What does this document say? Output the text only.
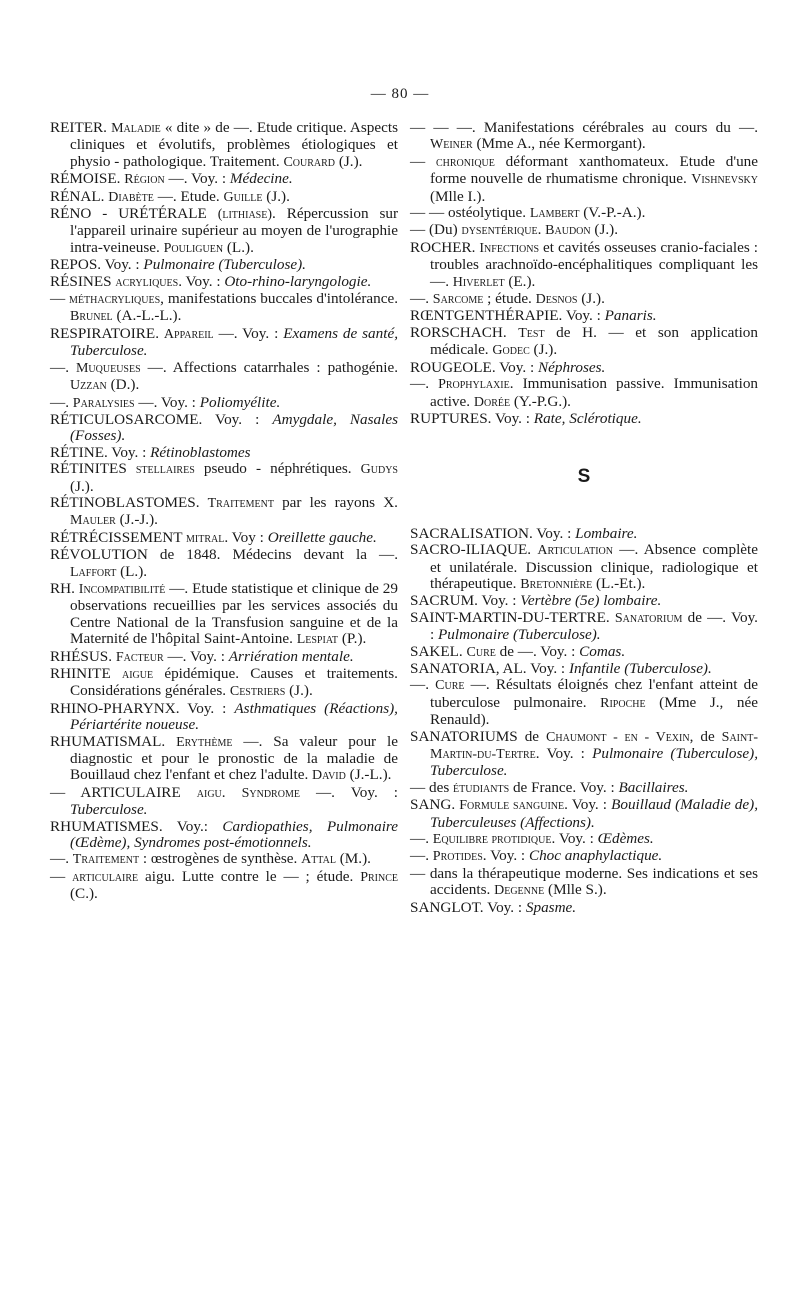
— 80 —

REITER. Maladie « dite » de —. Etude critique. Aspects cliniques et évolutifs, problèmes étiologiques et physio - pathologique. Traitement. Courard (J.).

RÉMOISE. Région —. Voy. : Médecine.

RÉNAL. Diabète —. Etude. Guille (J.).

RÉNO - URÉTÉRALE (lithiase). Répercussion sur l'appareil urinaire supérieur au moyen de l'urographie intra-veineuse. Pouliguen (L.).

REPOS. Voy. : Pulmonaire (Tuberculose).

RÉSINES acryliques. Voy. : Oto-rhino-laryngologie.

— méthacryliques, manifestations buccales d'intolérance. Brunel (A.-L.-L.).

RESPIRATOIRE. Appareil —. Voy. : Examens de santé, Tuberculose.

—. Muqueuses —. Affections catarrhales : pathogénie. Uzzan (D.).

—. Paralysies —. Voy. : Poliomyélite.

RÉTICULOSARCOME. Voy. : Amygdale, Nasales (Fosses).

RÉTINE. Voy. : Rétinoblastomes

RÉTINITES stellaires pseudo - néphrétiques. Gudys (J.).

RÉTINOBLASTOMES. Traitement par les rayons X. Mauler (J.-J.).

RÉTRÉCISSEMENT mitral. Voy : Oreillette gauche.

RÉVOLUTION de 1848. Médecins devant la —. Laffort (L.).

RH. Incompatibilité —. Etude statistique et clinique de 29 observations recueillies par les services associés du Centre National de la Transfusion sanguine et de la Maternité de l'hôpital Saint-Antoine. Lespiat (P.).

RHÉSUS. Facteur —. Voy. : Arriération mentale.

RHINITE aigue épidémique. Causes et traitements. Considérations générales. Cestriers (J.).

RHINO-PHARYNX. Voy. : Asthmatiques (Réactions), Périartérite noueuse.

RHUMATISMAL. Erythème —. Sa valeur pour le diagnostic et pour le pronostic de la maladie de Bouillaud chez l'enfant et chez l'adulte. David (J.-L.).

— ARTICULAIRE aigu. Syndrome —. Voy. : Tuberculose.

RHUMATISMES. Voy.: Cardiopathies, Pulmonaire (Œdème), Syndromes post-émotionnels.

—. Traitement : œstrogènes de synthèse. Attal (M.).

— articulaire aigu. Lutte contre le — ; étude. Prince (C.).

— — —. Manifestations cérébrales au cours du —. Weiner (Mme A., née Kermorgant).

— chronique déformant xanthomateux. Etude d'une forme nouvelle de rhumatisme chronique. Vishnevsky (Mlle I.).

— — ostéolytique. Lambert (V.-P.-A.).

— (Du) dysentérique. Baudon (J.).

ROCHER. Infections et cavités osseuses cranio-faciales : troubles arachnoïdo-encéphalitiques compliquant les —. Hiverlet (E.).

—. Sarcome ; étude. Desnos (J.).

RŒNTGENTHÉRAPIE. Voy. : Panaris.

RORSCHACH. Test de H. — et son application médicale. Godec (J.).

ROUGEOLE. Voy. : Néphroses.

—. Prophylaxie. Immunisation passive. Immunisation active. Dorée (Y.-P.G.).

RUPTURES. Voy. : Rate, Sclérotique.

S

SACRALISATION. Voy. : Lombaire.

SACRO-ILIAQUE. Articulation —. Absence complète et unilatérale. Discussion clinique, radiologique et thérapeutique. Bretonnière (L.-Et.).

SACRUM. Voy. : Vertèbre (5e) lombaire.

SAINT-MARTIN-DU-TERTRE. Sanatorium de —. Voy. : Pulmonaire (Tuberculose).

SAKEL. Cure de —. Voy. : Comas.

SANATORIA, AL. Voy. : Infantile (Tuberculose).

—. Cure —. Résultats éloignés chez l'enfant atteint de tuberculose pulmonaire. Ripoche (Mme J., née Renauld).

SANATORIUMS de Chaumont - en - Vexin, de Saint-Martin-du-Tertre. Voy. : Pulmonaire (Tuberculose), Tuberculose.

— des étudiants de France. Voy. : Bacillaires.

SANG. Formule sanguine. Voy. : Bouillaud (Maladie de), Tuberculeuses (Affections).

—. Equilibre protidique. Voy. : Œdèmes.

—. Protides. Voy. : Choc anaphylactique.

— dans la thérapeutique moderne. Ses indications et ses accidents. Degenne (Mlle S.).

SANGLOT. Voy. : Spasme.
